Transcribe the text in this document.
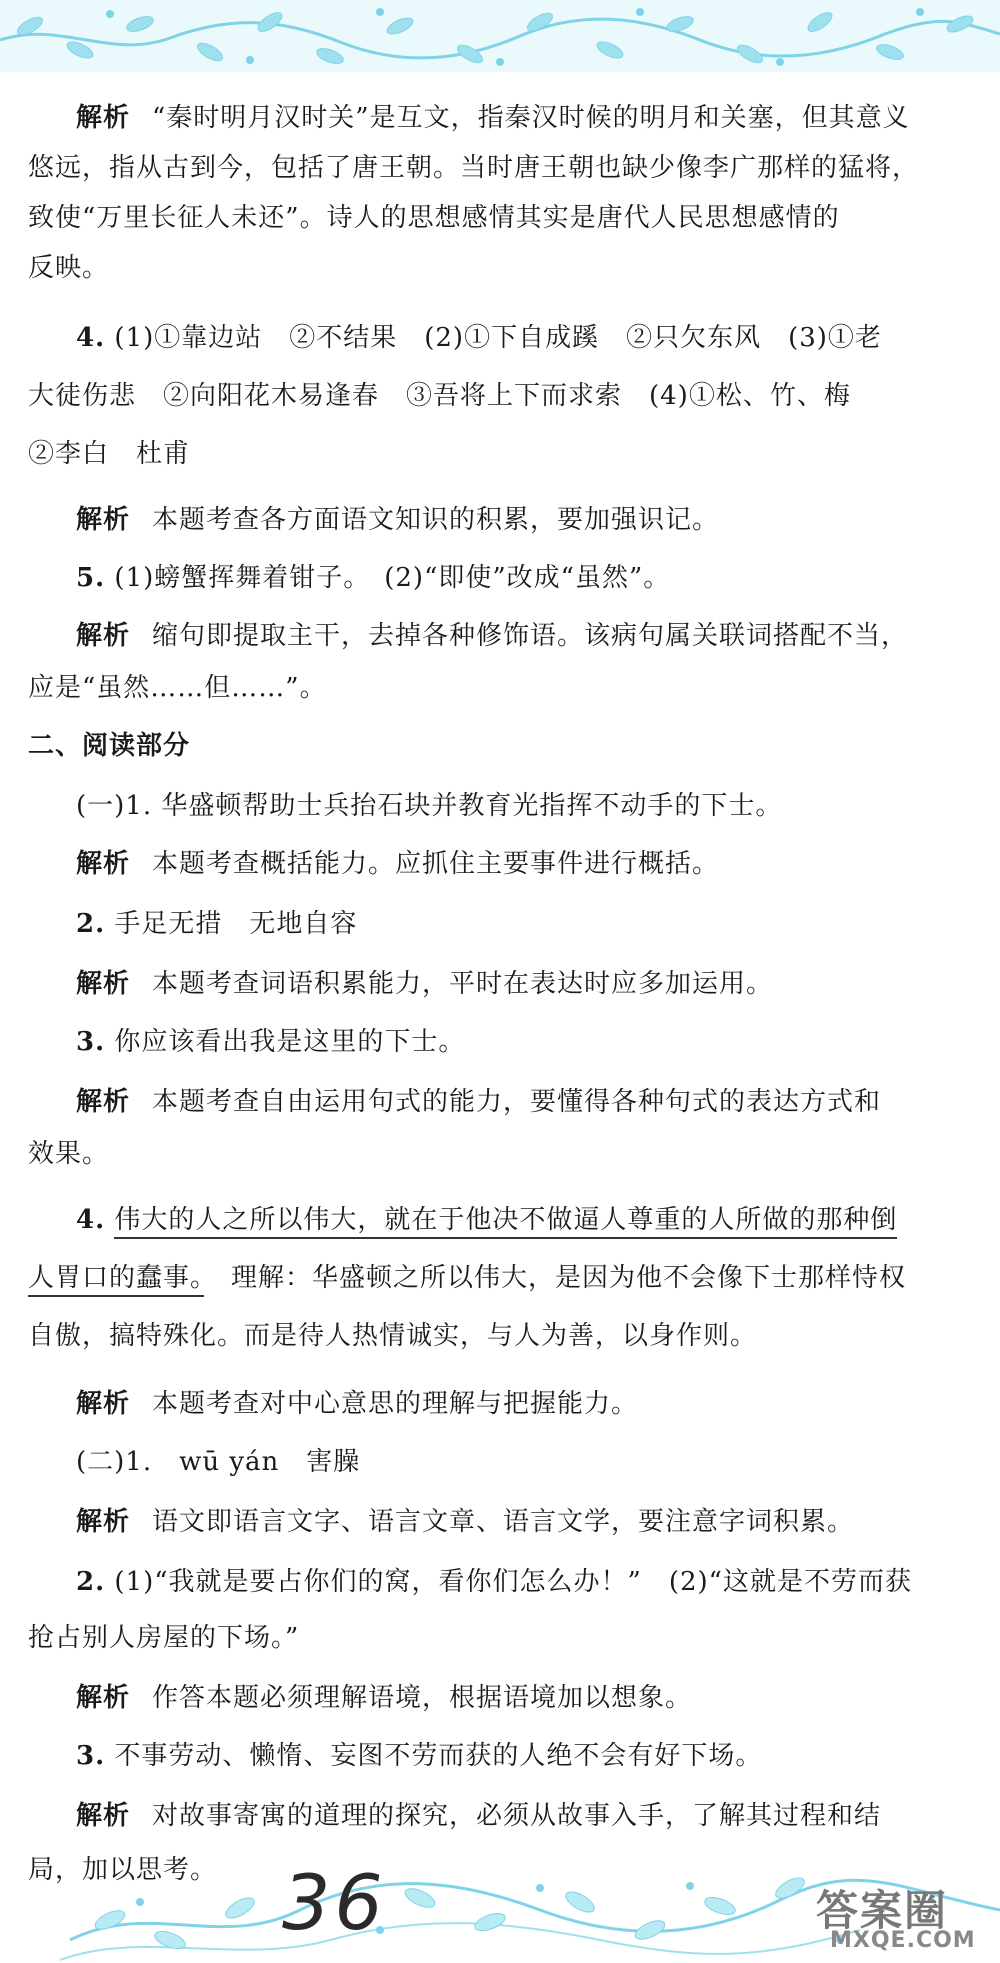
解析 “秦时明月汉时关”是互文，指秦汉时候的明月和关塞，但其意义
悠远，指从古到今，包括了唐王朝。当时唐王朝也缺少像李广那样的猛将，
致使“万里长征人未还”。诗人的思想感情其实是唐代人民思想感情的
反映。
4. (1)①靠边站　②不结果　(2)①下自成蹊　②只欠东风　(3)①老
大徒伤悲　②向阳花木易逢春　③吾将上下而求索　(4)①松、竹、梅
②李白　杜甫
解析 本题考查各方面语文知识的积累，要加强识记。
5. (1)螃蟹挥舞着钳子。　(2)“即使”改成“虽然”。
解析 缩句即提取主干，去掉各种修饰语。该病句属关联词搭配不当，
应是“虽然……但……”。
二、阅读部分
(一)1. 华盛顿帮助士兵抬石块并教育光指挥不动手的下士。
解析 本题考查概括能力。应抓住主要事件进行概括。
2. 手足无措　无地自容
解析 本题考查词语积累能力，平时在表达时应多加运用。
3. 你应该看出我是这里的下士。
解析 本题考查自由运用句式的能力，要懂得各种句式的表达方式和
效果。
4. 伟大的人之所以伟大，就在于他决不做逼人尊重的人所做的那种倒
人胃口的蠢事。　理解：华盛顿之所以伟大，是因为他不会像下士那样恃权
自傲，搞特殊化。而是待人热情诚实，与人为善，以身作则。
解析 本题考查对中心意思的理解与把握能力。
(二)1.　wū yán　害臊
解析 语文即语言文字、语言文章、语言文学，要注意字词积累。
2. (1)“我就是要占你们的窝，看你们怎么办！”　(2)“这就是不劳而获
抢占别人房屋的下场。”
解析 作答本题必须理解语境，根据语境加以想象。
3. 不事劳动、懒惰、妄图不劳而获的人绝不会有好下场。
解析 对故事寄寓的道理的探究，必须从故事入手，了解其过程和结
局，加以思考。 36	答案圈
MXQE.COM
